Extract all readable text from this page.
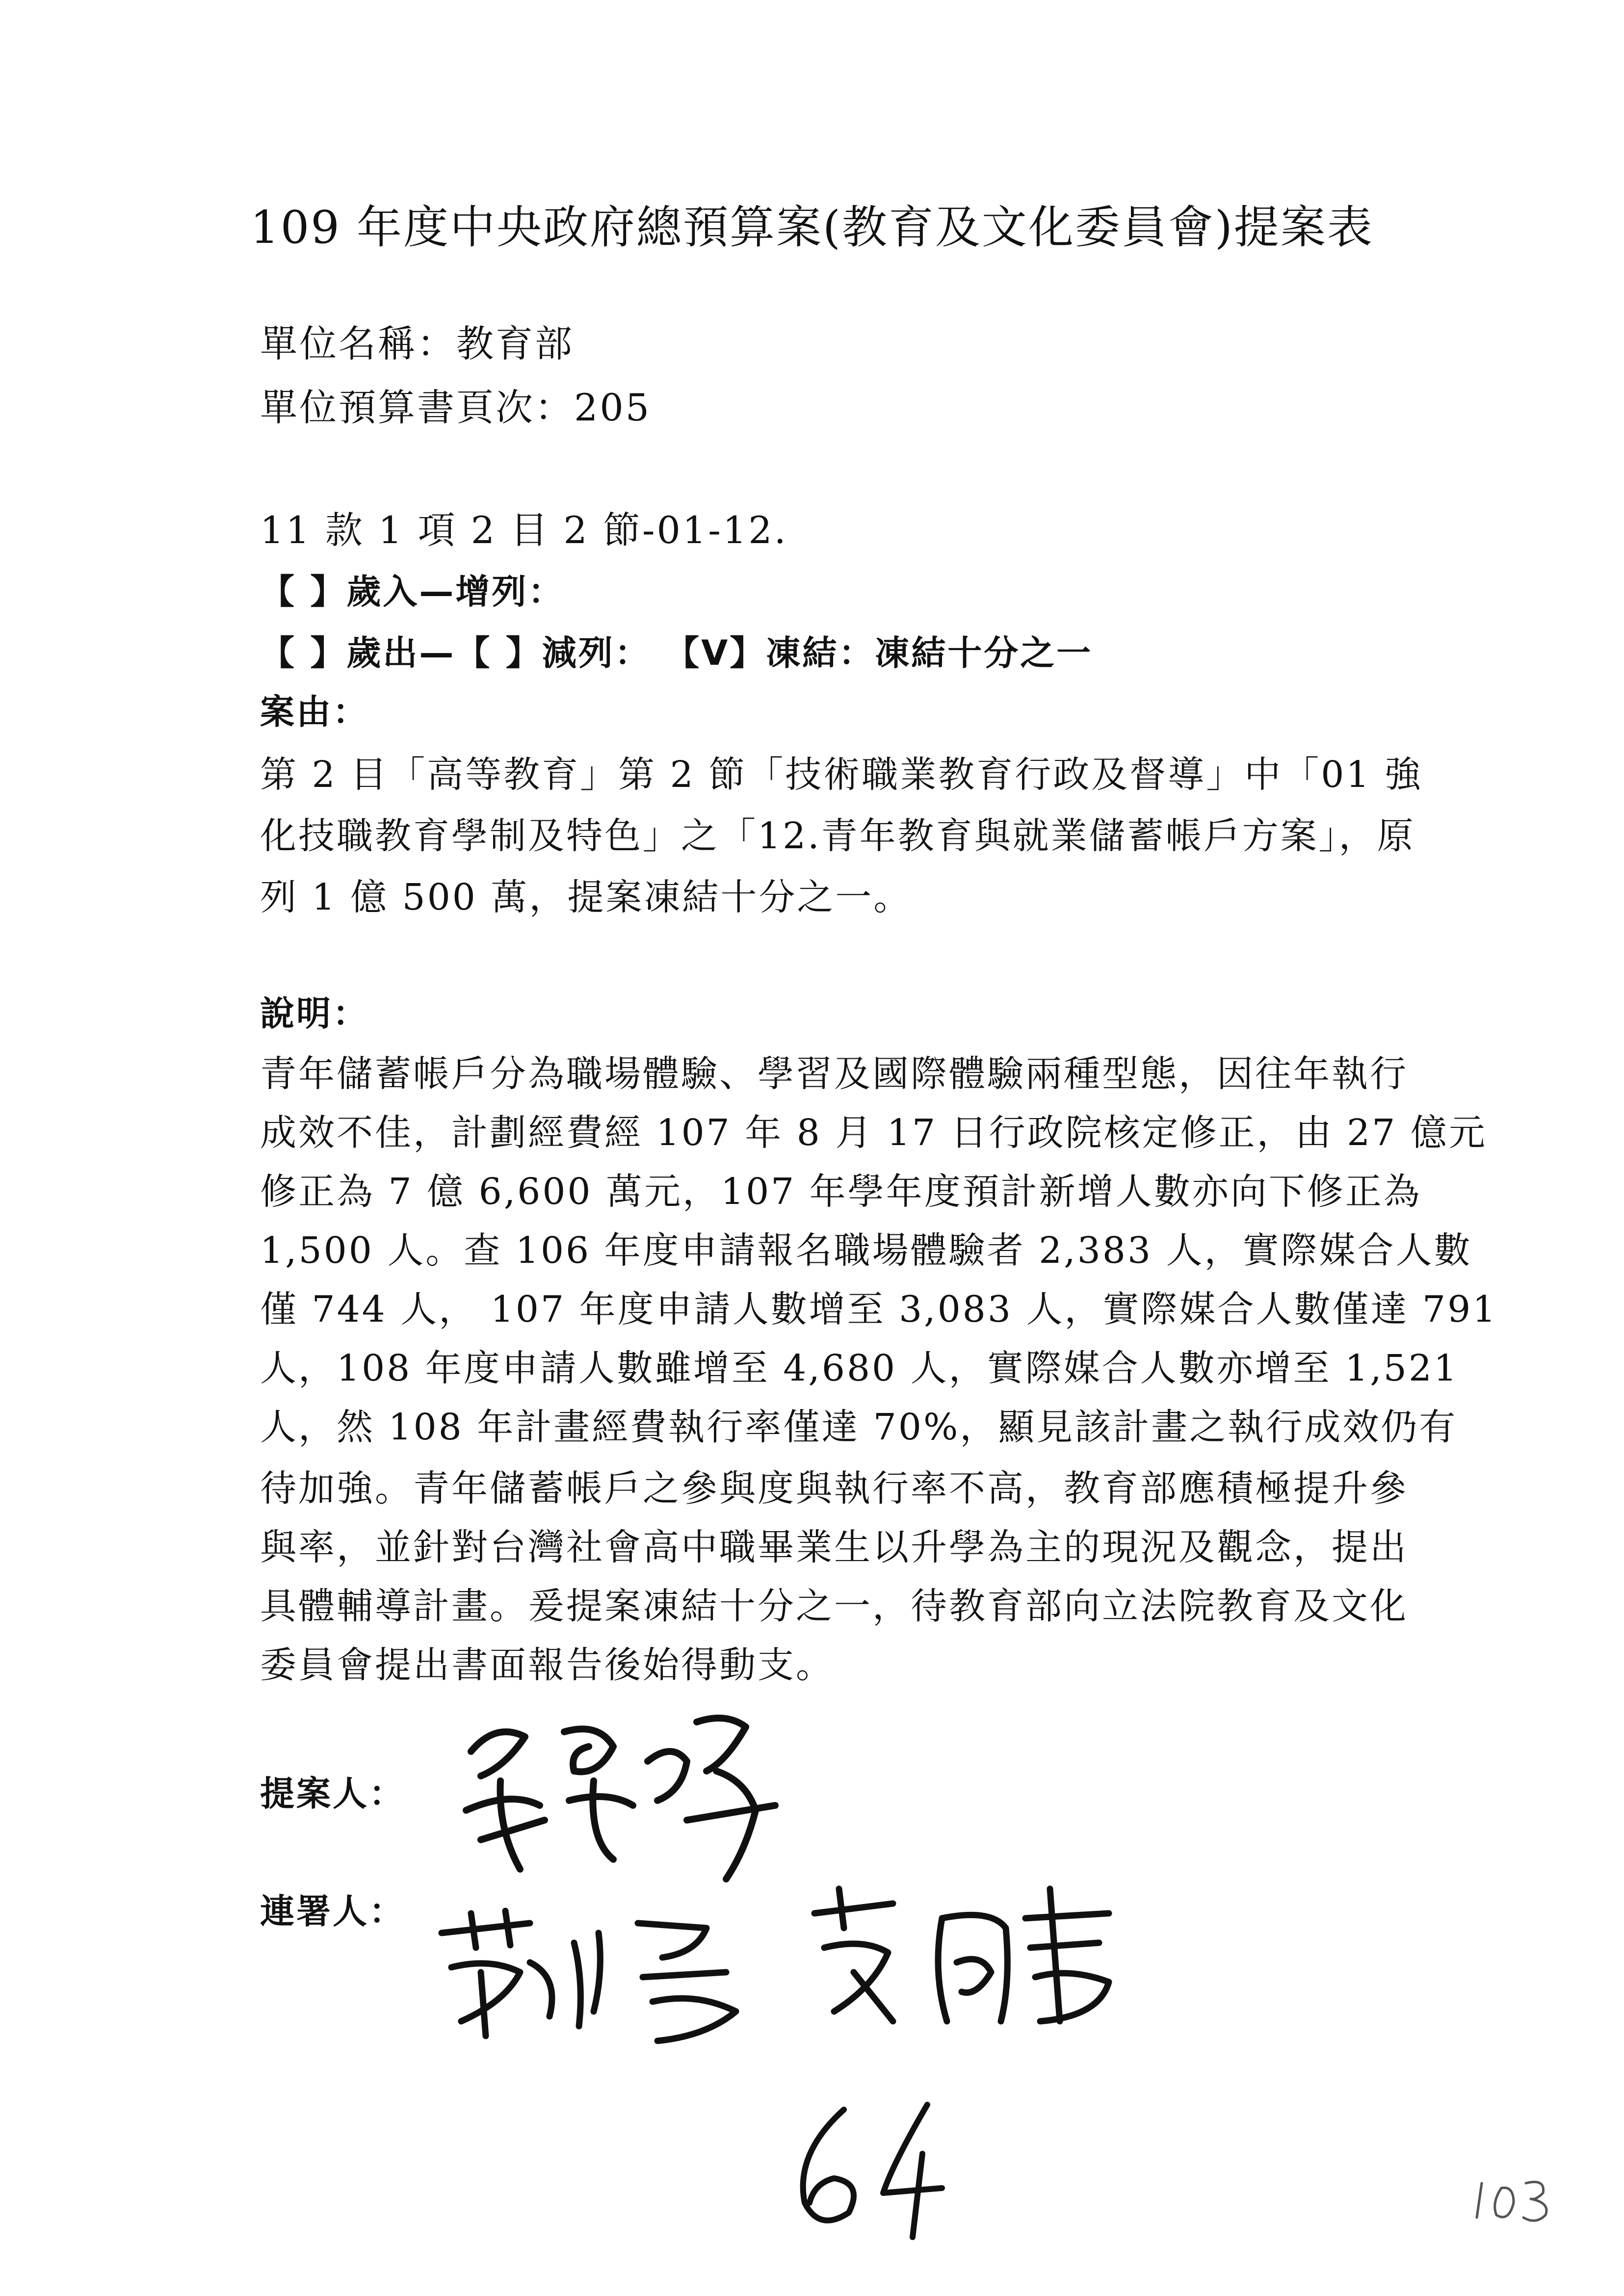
109 年度中央政府總預算案(教育及文化委員會)提案表
單位名稱：教育部
單位預算書頁次：205
11 款 1 項 2 目 2 節-01-12.
【 】歲入—增列：
【 】歲出—【 】減列： 【V】凍結：凍結十分之一
案由：
第 2 目「高等教育」第 2 節「技術職業教育行政及督導」中「01 強
化技職教育學制及特色」之「12.青年教育與就業儲蓄帳戶方案」，原
列 1 億 500 萬，提案凍結十分之一。
說明：
青年儲蓄帳戶分為職場體驗、學習及國際體驗兩種型態，因往年執行
成效不佳，計劃經費經 107 年 8 月 17 日行政院核定修正，由 27 億元
修正為 7 億 6,600 萬元，107 年學年度預計新增人數亦向下修正為
1,500 人。查 106 年度申請報名職場體驗者 2,383 人，實際媒合人數
僅 744 人， 107 年度申請人數增至 3,083 人，實際媒合人數僅達 791
人，108 年度申請人數雖增至 4,680 人，實際媒合人數亦增至 1,521
人，然 108 年計畫經費執行率僅達 70%，顯見該計畫之執行成效仍有
待加強。青年儲蓄帳戶之參與度與執行率不高，教育部應積極提升參
與率，並針對台灣社會高中職畢業生以升學為主的現況及觀念，提出
具體輔導計畫。爰提案凍結十分之一，待教育部向立法院教育及文化
委員會提出書面報告後始得動支。
提案人：
連署人：
